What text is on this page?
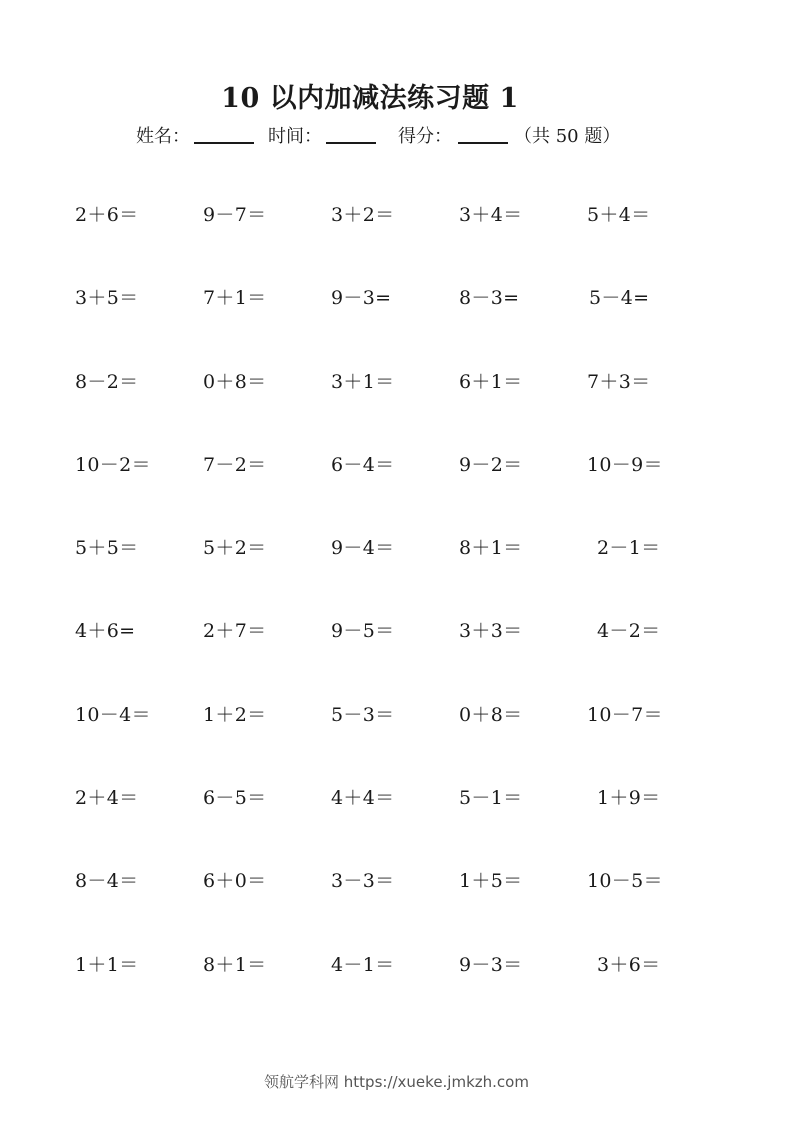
10 以内加减法练习题 1
姓名：	时间：	得分：	（共 50 题）
2＋6＝	9－7＝	3＋2＝	3＋4＝	5＋4＝
3＋5＝	7＋1＝	9－3=	8－3=	5－4=
8－2＝	0＋8＝	3＋1＝	6＋1＝	7＋3＝
10－2＝	7－2＝	6－4＝	9－2＝	10－9＝
5＋5＝	5＋2＝	9－4＝	8＋1＝	2－1＝
4＋6=	2＋7＝	9－5＝	3＋3＝	4－2＝
10－4＝	1＋2＝	5－3＝	0＋8＝	10－7＝
2＋4＝	6－5＝	4＋4＝	5－1＝	1＋9＝
8－4＝	6＋0＝	3－3＝	1＋5＝	10－5＝
1＋1＝	8＋1＝	4－1＝	9－3＝	3＋6＝
领航学科网 https://xueke.jmkzh.com
